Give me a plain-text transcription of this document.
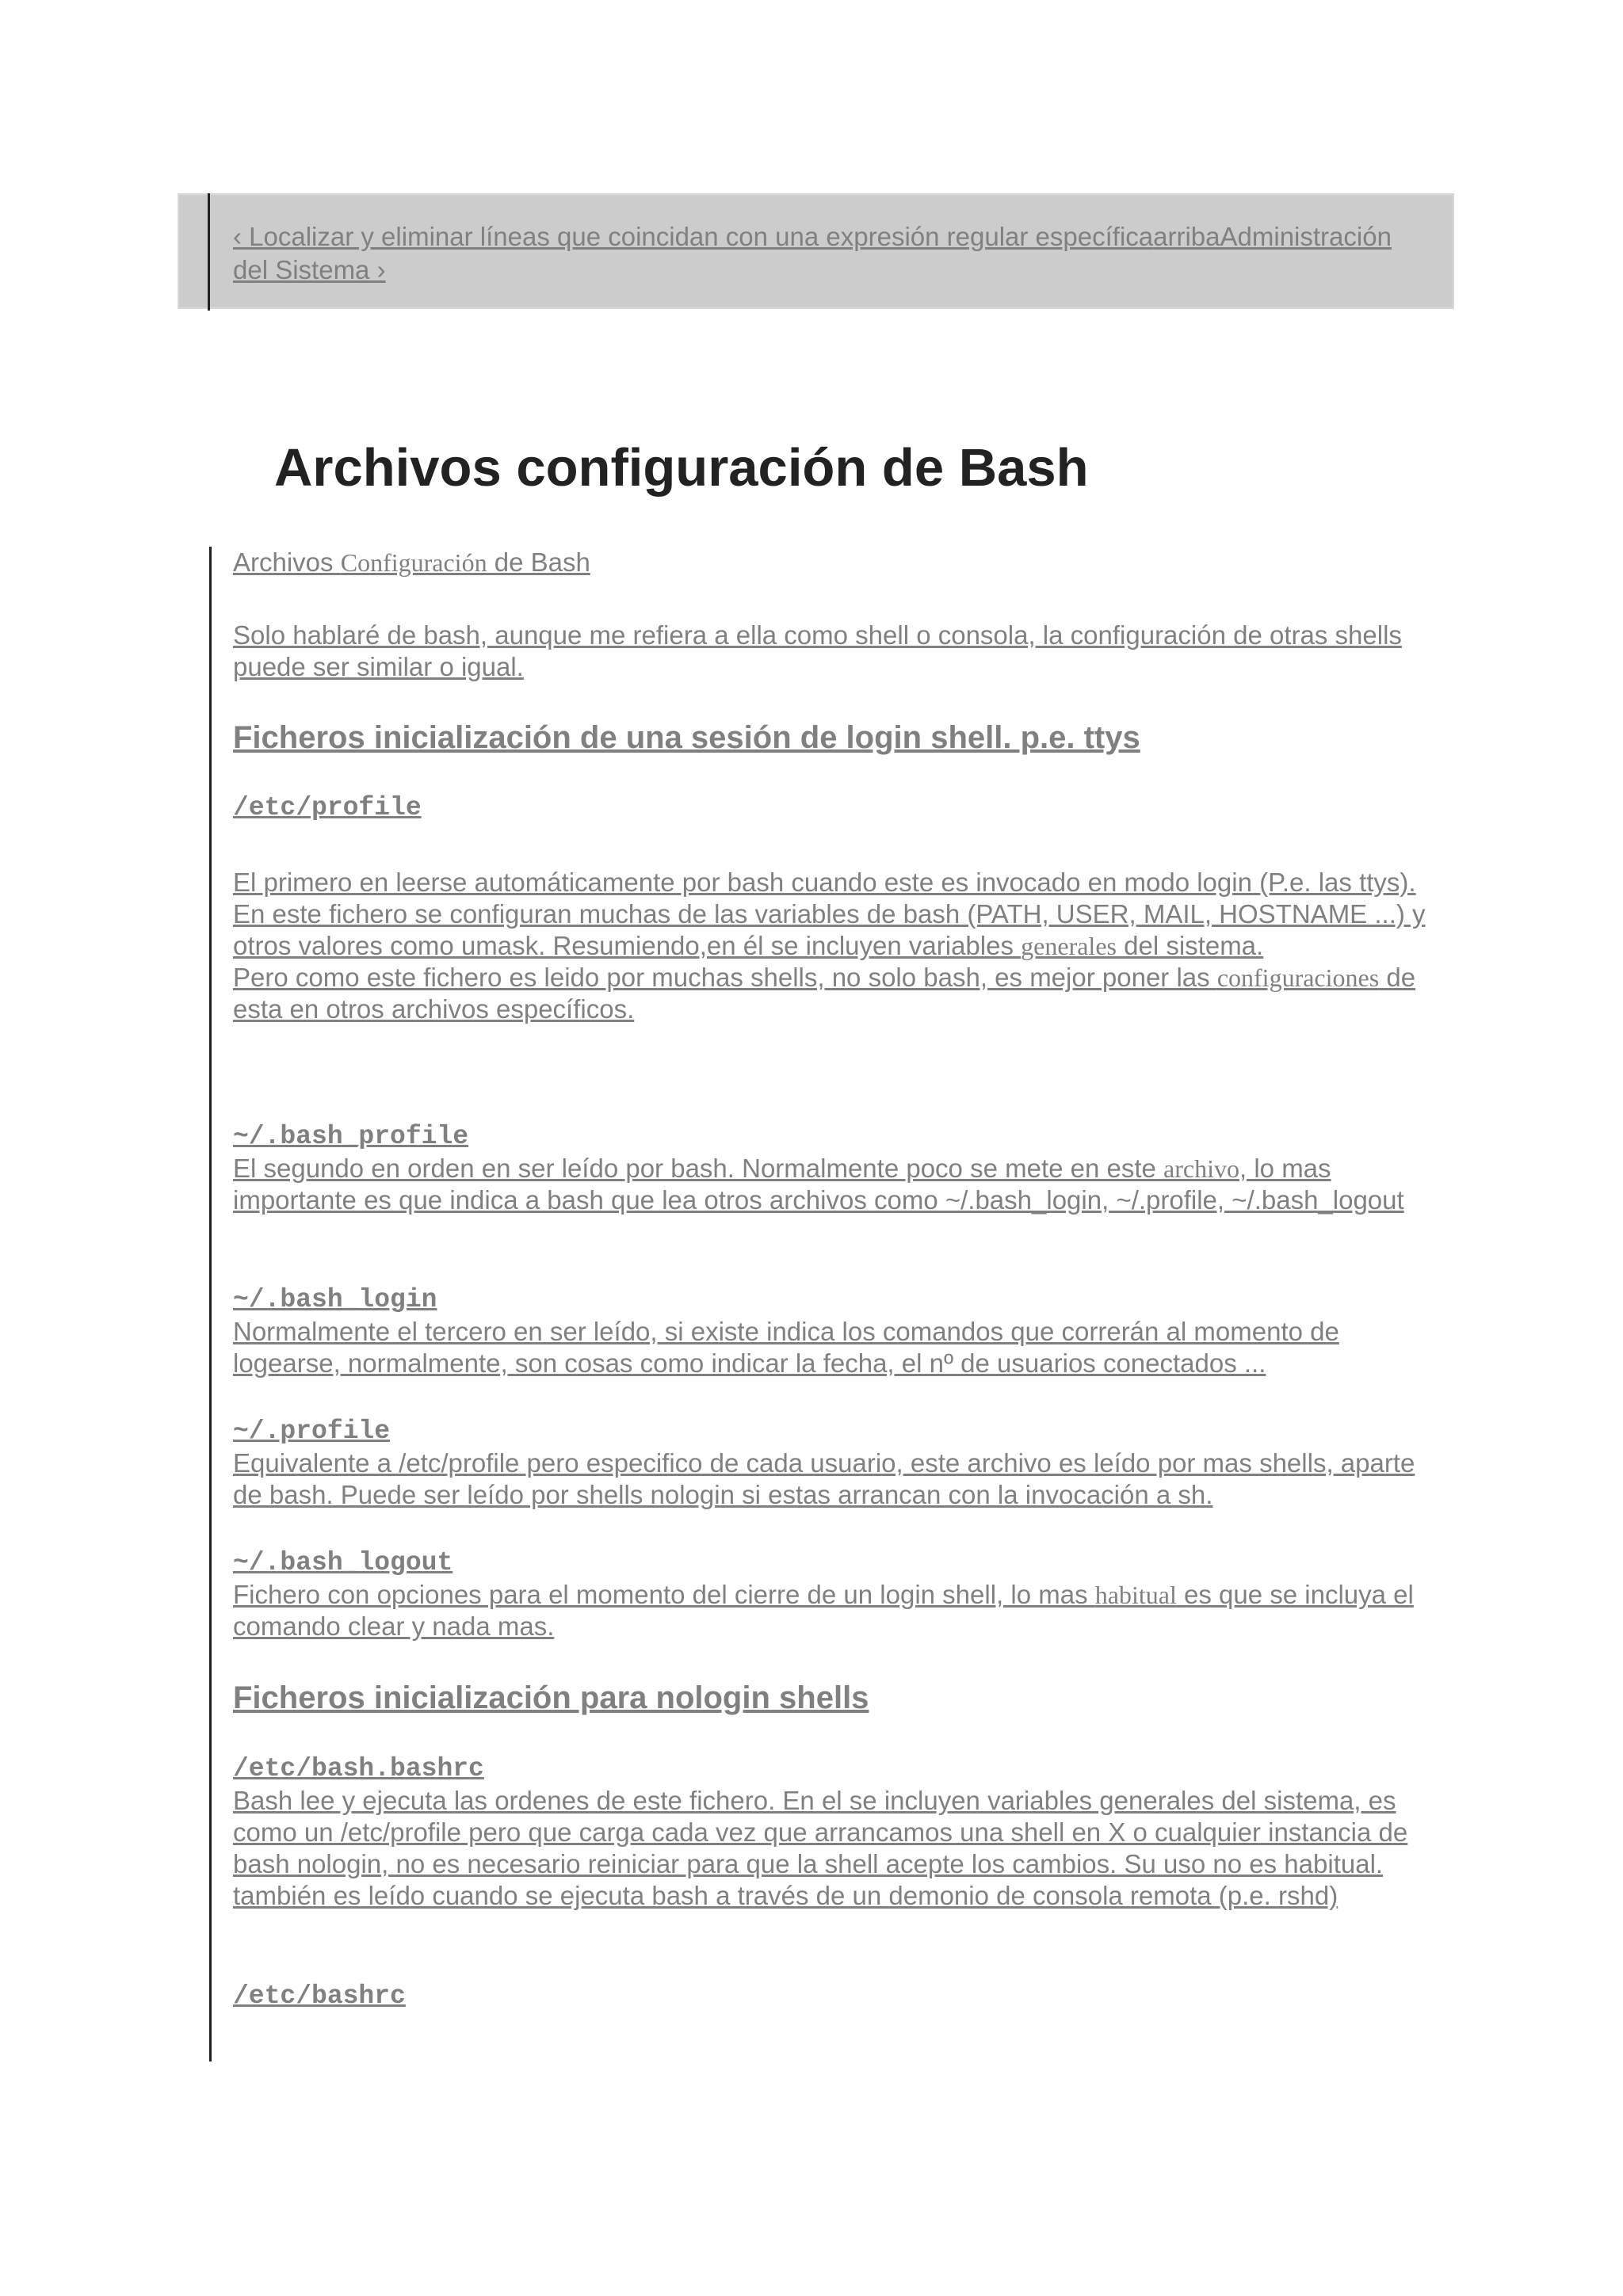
‹ Localizar y eliminar líneas que coincidan con una expresión regular específicaarribaAdministración del Sistema ›
Archivos configuración de Bash

Archivos Configuración de Bash

Solo hablaré de bash, aunque me refiera a ella como shell o consola, la configuración de otras shells puede ser similar o igual.

Ficheros inicialización de una sesión de login shell. p.e. ttys

/etc/profile

El primero en leerse automáticamente por bash cuando este es invocado en modo login (P.e. las ttys).
En este fichero se configuran muchas de las variables de bash (PATH, USER, MAIL, HOSTNAME ...) y otros valores como umask. Resumiendo,en él se incluyen variables generales del sistema.
Pero como este fichero es leido por muchas shells, no solo bash, es mejor poner las configuraciones de esta en otros archivos específicos.

~/.bash_profile
El segundo en orden en ser leído por bash. Normalmente poco se mete en este archivo, lo mas importante es que indica a bash que lea otros archivos como ~/.bash_login, ~/.profile, ~/.bash_logout

~/.bash_login
Normalmente el tercero en ser leído, si existe indica los comandos que correrán al momento de logearse, normalmente, son cosas como indicar la fecha, el nº de usuarios conectados ...

~/.profile
Equivalente a /etc/profile pero especifico de cada usuario, este archivo es leído por mas shells, aparte de bash. Puede ser leído por shells nologin si estas arrancan con la invocación a sh.

~/.bash_logout
Fichero con opciones para el momento del cierre de un login shell, lo mas habitual es que se incluya el comando clear y nada mas.

Ficheros inicialización para nologin shells

/etc/bash.bashrc
Bash lee y ejecuta las ordenes de este fichero. En el se incluyen variables generales del sistema, es como un /etc/profile pero que carga cada vez que arrancamos una shell en X o cualquier instancia de bash nologin, no es necesario reiniciar para que la shell acepte los cambios. Su uso no es habitual.
también es leído cuando se ejecuta bash a través de un demonio de consola remota (p.e. rshd)

/etc/bashrc
